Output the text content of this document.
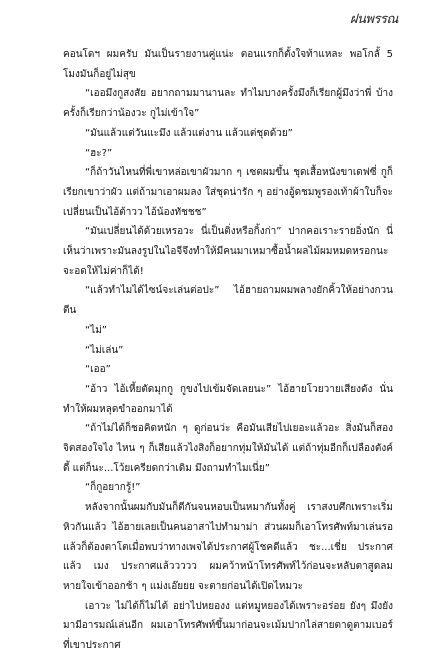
ฝนพรรณ

คอนโดฯ ผมครับ มันเป็นรายงานคู่แน่ะ ตอนแรกก็ตั้งใจท้าแหละ พอโกลั้ 5 โมงมันก็อยู่ไม่สุข

“เออมึงกูสงสัย อยากถามมานานละ ทำไมบางครั้งมึงก็เรียกผู้มึงว่าพี่ บ้างครั้งก็เรียกว่าน้องวะ กูไม่เข้าใจ”

“มันแล้วแต่วันแะมึง แล้วแต่งาน แล้วแต่ชุดด้วย”

“ฮะ?”

“ก็ถ้าวันไหนที่พี่เขาหล่อเขาผัวมาก ๆ เซตผมขึ้น ชุดเสื้อหนังขาเดฟซี่ กูก็เรียกเขาว่าผัว แต่ถ้ามาเอาผมลง ใส่ชุดน่ารัก ๆ อย่างอู้ดชมพูรองเท้าผ้าใบก็จะเปลี่ยนเป็นไอ้ต้าวว ไอ้น้องทัชชช”

“มันเปลี่ยนได้ด้วยเหรอวะ นี่เป็นติ่งหรือกิ้งก่า” ปากคอเราะรายอิ่งนัก นี่เห็นว่าเพราะมันลงรูปในไอจีจึงทำให้มีคนมาเหมาซื้อน้ำผลไม้ผมหมดหรอกนะ จะอดให้ไม่ค่าก็ได้!

“แล้วทำไมได้ไซน์จะเล่นต่อปะ” ไอ้ฮายถามผมพลางยักคิ้วให้อย่างกวนตีน

“ไม่”

“ไม่เล่น”

“เออ”

“อ้าว ไอ้เหี้ยตัดมุกกู กูขงไปเข้มจัดเลยนะ” ไอ้ฮายโวยวายเสียงดัง นั่นทำให้ผมหลุดขำออกมาได้

“ถ้าไม่ได้ก็ชอคิดหนัก ๆ ดูก่อนว่ะ คือมันเสียไปเยอะแล้วอะ สิ่งมันก็สองจิตสองใจไง ไหน ๆ ก็เสียแล้วไงสิงก็อยากทุ่มให้มันได้ แต่ถ้าทุ่มอีกก็เปลืองตังค์ดี้ แต่ก็นะ...โว้ยเครียดกว่าเดิม มึงถามทำไมเนี่ย”

“ก็กูอยากรู้!”

หลังจากนั้นผมกับมันก็ตีกันจนหอบเป็นหมากันทั้งคู่ เราสงบศึกเพราะเริ่มหิวกันแล้ว ไอ้ฮายเลยเป็นคนอาสาไปทำมาม่า ส่วนผมก็เอาโทรศัพท์มาเล่นรอ แล้วก็ต้องตาโตเมื่อพบว่าทางเพจได้ประกาศผู้โชคดีแล้ว ชะ...เชี่ย ประกาศแล้ว เมง ประกาศแล้ววววว ผมคว้าหน้าโทรศัพท์ไว้ก่อนจะหลับตาสูดลมหายใจเข้าออกช้า ๆ แม่งเอ๊ยยย จะตายก่อนได้เปิดไหมวะ

เอาวะ ไม่ได้ก็ไม่ได้ อย่าไปหยองง แต่หมูหยองได้เพราะอร่อย ยังๆ มึงยังมามีอารมณ์เล่นอีก ผมเอาโทรศัพท์ขึ้นมาก่อนจะเม้มปากไล่สายตาดูตามเบอร์ที่เขาประกาศ
